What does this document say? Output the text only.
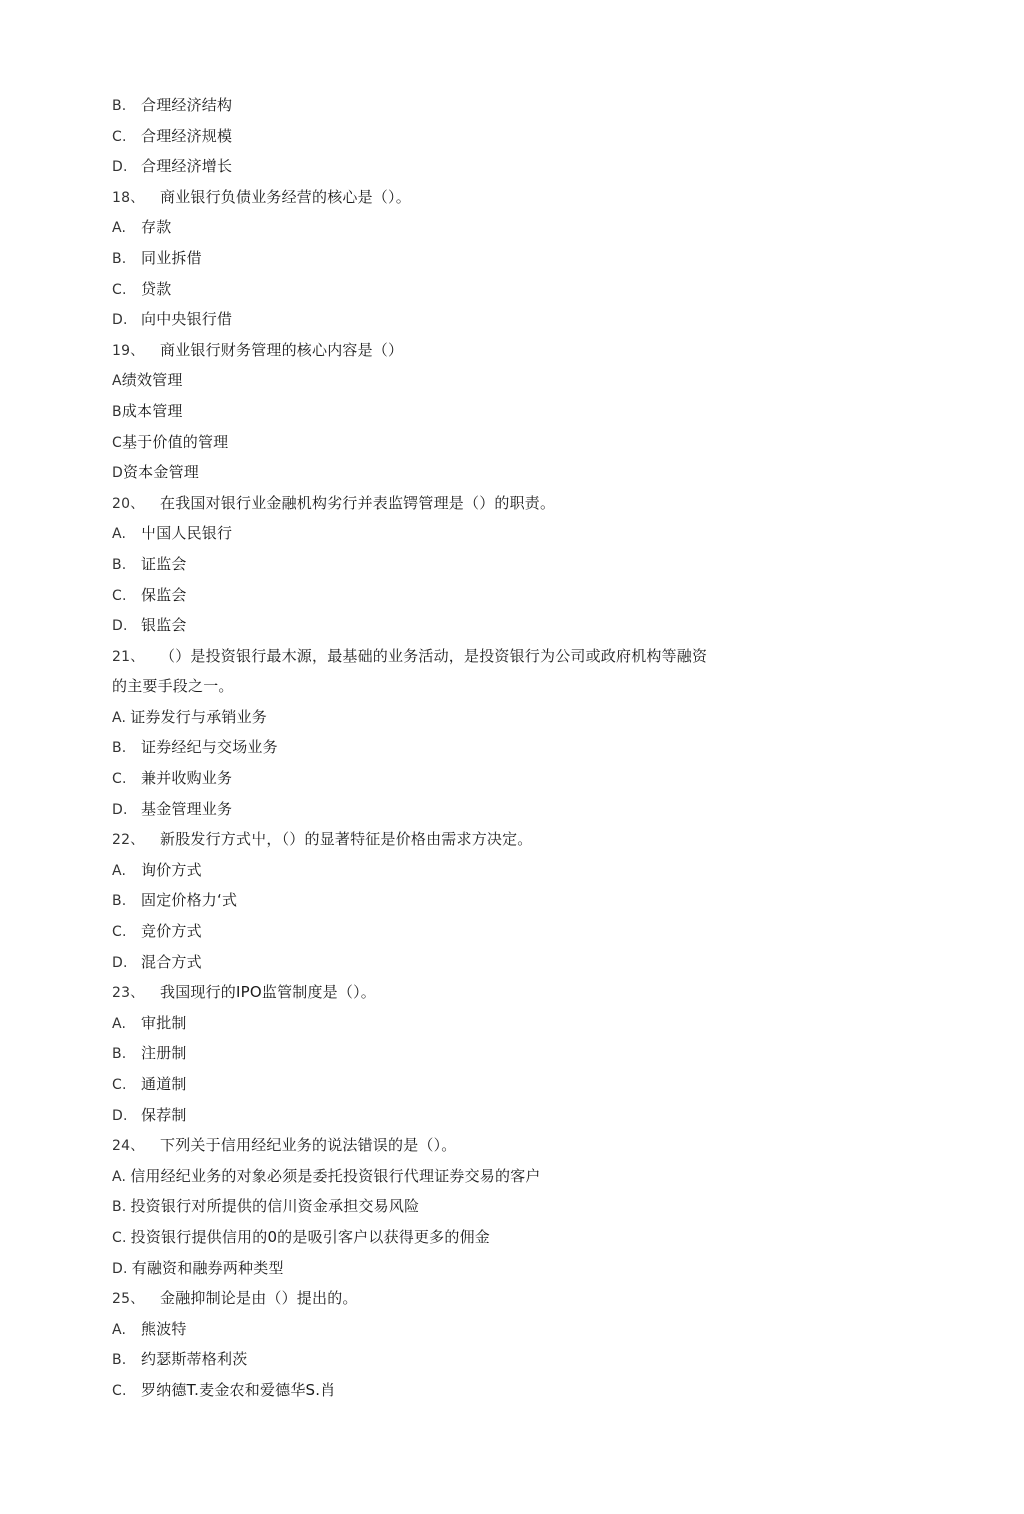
B. 合理经济结构
C. 合理经济规模
D. 合理经济增长
18、 商业银行负债业务经营的核心是（）。
A. 存款
B. 同业拆借
C. 贷款
D. 向中央银行借
19、 商业银行财务管理的核心内容是（）
A绩效管理
B成本管理
C基于价值的管理
D资本金管理
20、 在我国对银行业金融机构劣行并表监锷管理是（）的职责。
A. 屮国人民银行
B. 证监会
C. 保监会
D. 银监会
21、 （）是投资银行最木源，最基础的业务活动，是投资银行为公司或政府机构等融资
的主要手段之一。
A. 证券发行与承销业务
B. 证券经纪与交场业务
C. 兼并收购业务
D. 基金管理业务
22、 新股发行方式屮，（）的显著特征是价格由需求方决定。
A. 询价方式
B. 固定价格力‘式
C. 竞价方式
D. 混合方式
23、 我国现行的IPO监管制度是（）。
A. 审批制
B. 注册制
C. 通道制
D. 保荐制
24、 下列关于信用经纪业务的说法错误的是（）。
A. 信用经纪业务的对象必须是委托投资银行代理证券交易的客户
B. 投资银行对所提供的信川资金承担交易风险
C. 投资银行提供信用的0的是吸引客户以获得更多的佣金
D. 有融资和融券两种类型
25、 金融抑制论是由（）提出的。
A. 熊波特
B. 约瑟斯蒂格利茨
C. 罗纳德T.麦金农和爱德华S.肖
